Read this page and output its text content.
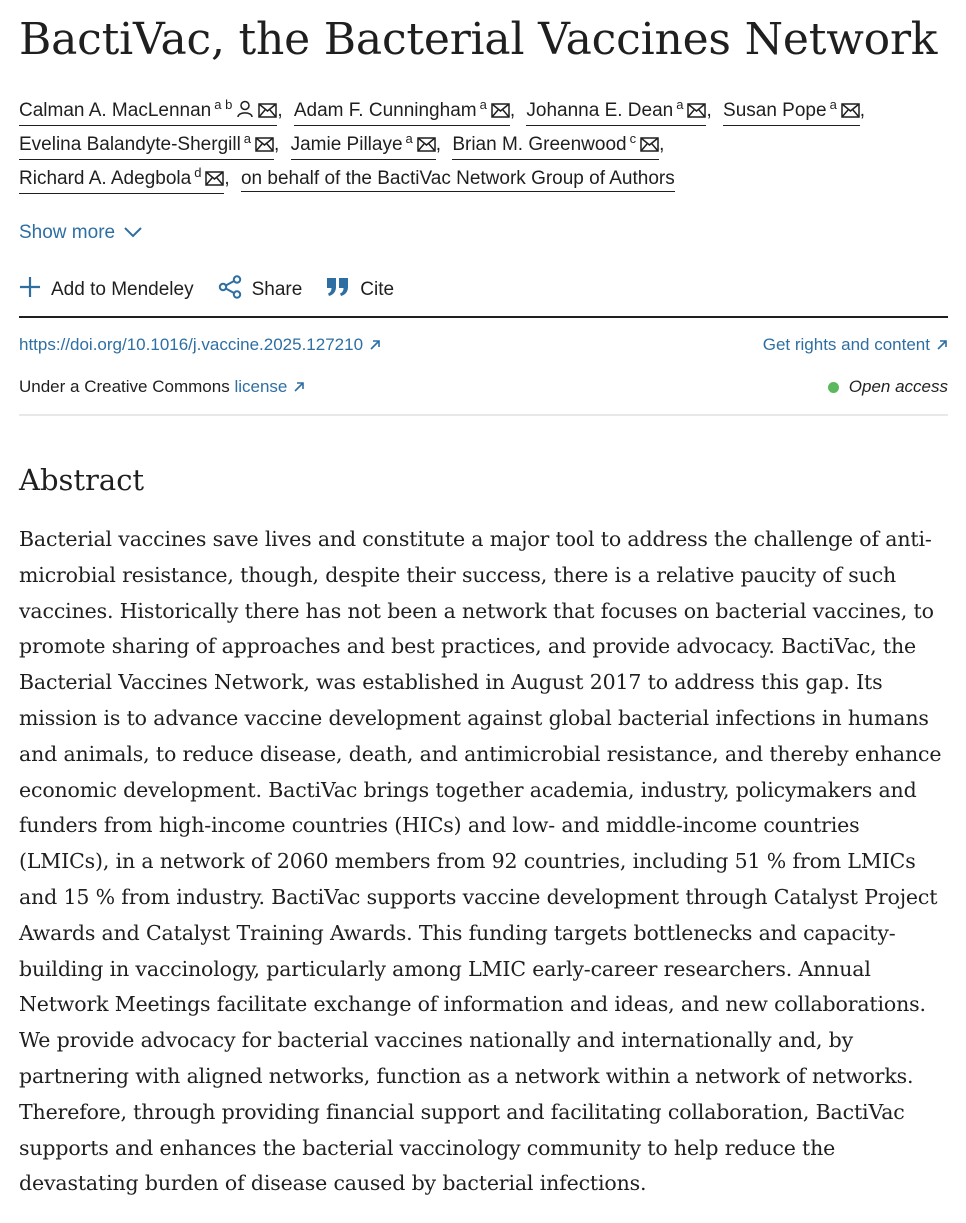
BactiVac, the Bacterial Vaccines Network
Calman A. MacLennan $^{a b}$ , Adam F. Cunningham $^a$ , Johanna E. Dean $^a$ , Susan Pope $^a$ ,
Evelina Balandyte-Shergill $^a$ , Jamie Pillaye $^a$ , Brian M. Greenwood $^c$ ,
Richard A. Adegbola $^d$ , on behalf of the BactiVac Network Group of Authors
Show more
Add to Mendeley	Share	Cite
https://doi.org/10.1016/j.vaccine.2025.127210	Get rights and content
Under a Creative Commons license	Open access
Abstract

Bacterial vaccines save lives and constitute a major tool to address the challenge of anti-microbial resistance, though, despite their success, there is a relative paucity of such vaccines. Historically there has not been a network that focuses on bacterial vaccines, to promote sharing of approaches and best practices, and provide advocacy. BactiVac, the Bacterial Vaccines Network, was established in August 2017 to address this gap. Its mission is to advance vaccine development against global bacterial infections in humans and animals, to reduce disease, death, and antimicrobial resistance, and thereby enhance economic development. BactiVac brings together academia, industry, policymakers and funders from high-income countries (HICs) and low- and middle-income countries (LMICs), in a network of 2060 members from 92 countries, including 51 % from LMICs and 15 % from industry. BactiVac supports vaccine development through Catalyst Project Awards and Catalyst Training Awards. This funding targets bottlenecks and capacity-building in vaccinology, particularly among LMIC early-career researchers. Annual Network Meetings facilitate exchange of information and ideas, and new collaborations. We provide advocacy for bacterial vaccines nationally and internationally and, by partnering with aligned networks, function as a network within a network of networks. Therefore, through providing financial support and facilitating collaboration, BactiVac supports and enhances the bacterial vaccinology community to help reduce the devastating burden of disease caused by bacterial infections.
